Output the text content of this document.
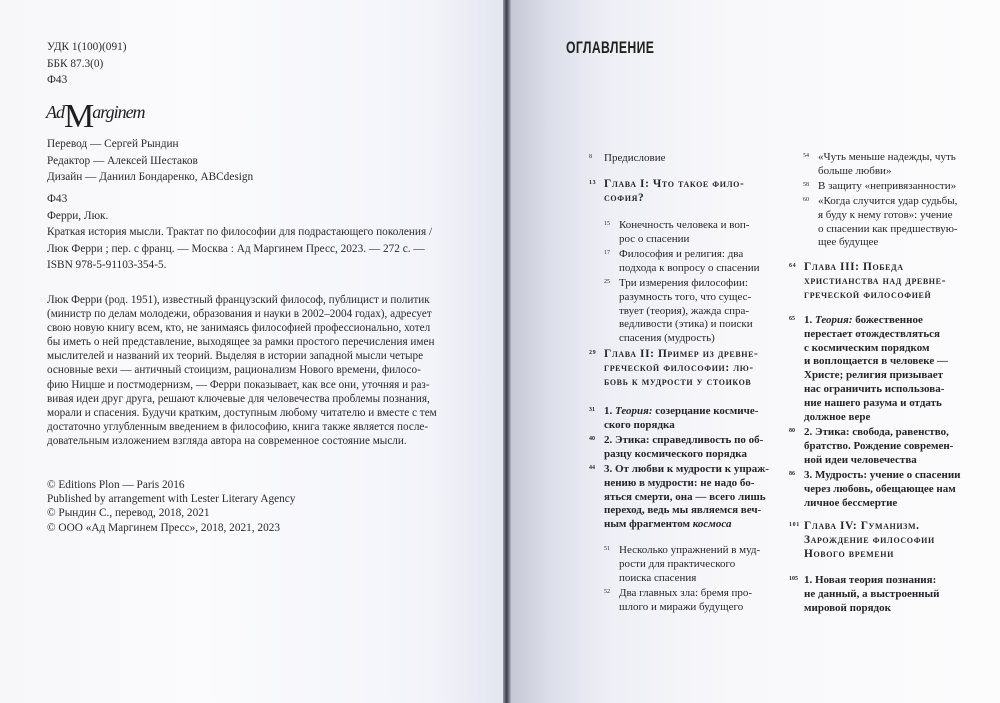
УДК 1(100)(091)
ББК 87.3(0)
Ф43
AdMarginem
Перевод — Сергей Рындин
Редактор — Алексей Шестаков
Дизайн — Даниил Бондаренко, ABCdesign
Ф43
Ферри, Люк.
Краткая история мысли. Трактат по философии для подрастающего поколения /
Люк Ферри ; пер. с франц. — Москва : Ад Маргинем Пресс, 2023. — 272 с. —
ISBN 978-5-91103-354-5.
Люк Ферри (род. 1951), известный французский философ, публицист и политик
(министр по делам молодежи, образования и науки в 2002–2004 годах), адресует
свою новую книгу всем, кто, не занимаясь философией профессионально, хотел
бы иметь о ней представление, выходящее за рамки простого перечисления имен
мыслителей и названий их теорий. Выделяя в истории западной мысли четыре
основные вехи — античный стоицизм, рационализм Нового времени, филосо-
фию Ницше и постмодернизм, — Ферри показывает, как все они, уточняя и раз-
вивая идеи друг друга, решают ключевые для человечества проблемы познания,
морали и спасения. Будучи кратким, доступным любому читателю и вместе с тем
достаточно углубленным введением в философию, книга также является после-
довательным изложением взгляда автора на современное состояние мысли.
© Editions Plon — Paris 2016
Published by arrangement with Lester Literary Agency
© Рындин С., перевод, 2018, 2021
© ООО «Ад Маргинем Пресс», 2018, 2021, 2023
ОГЛАВЛЕНИЕ
8 Предисловие
13 Глава I: Что такое фило-
софия?
15 Конечность человека и воп-
рос о спасении
17 Философия и религия: два
подхода к вопросу о спасении
25 Три измерения философии:
разумность того, что сущес-
твует (теория), жажда спра-
ведливости (этика) и поиски
спасения (мудрость)
29 Глава II: Пример из древне-
греческой философии: лю-
бовь к мудрости у стоиков
31 1. Теория: созерцание космиче-
ского порядка
40 2. Этика: справедливость по об-
разцу космического порядка
44 3. От любви к мудрости к упраж-
нению в мудрости: не надо бо-
яться смерти, она — всего лишь
переход, ведь мы являемся веч-
ным фрагментом космоса
51 Несколько упражнений в муд-
рости для практического
поиска спасения
52 Два главных зла: бремя про-
шлого и миражи будущего
54 «Чуть меньше надежды, чуть
больше любви»
58 В защиту «непривязанности»
60 «Когда случится удар судьбы,
я буду к нему готов»: учение
о спасении как предшествую-
щее будущее
64 Глава III: Победа
христианства над древне-
греческой философией
65 1. Теория: божественное
перестает отождествляться
с космическим порядком
и воплощается в человеке —
Христе; религия призывает
нас ограничить использова-
ние нашего разума и отдать
должное вере
80 2. Этика: свобода, равенство,
братство. Рождение современ-
ной идеи человечества
86 3. Мудрость: учение о спасении
через любовь, обещающее нам
личное бессмертие
101 Глава IV: Гуманизм.
Зарождение философии
Нового времени
105 1. Новая теория познания:
не данный, а выстроенный
мировой порядок
